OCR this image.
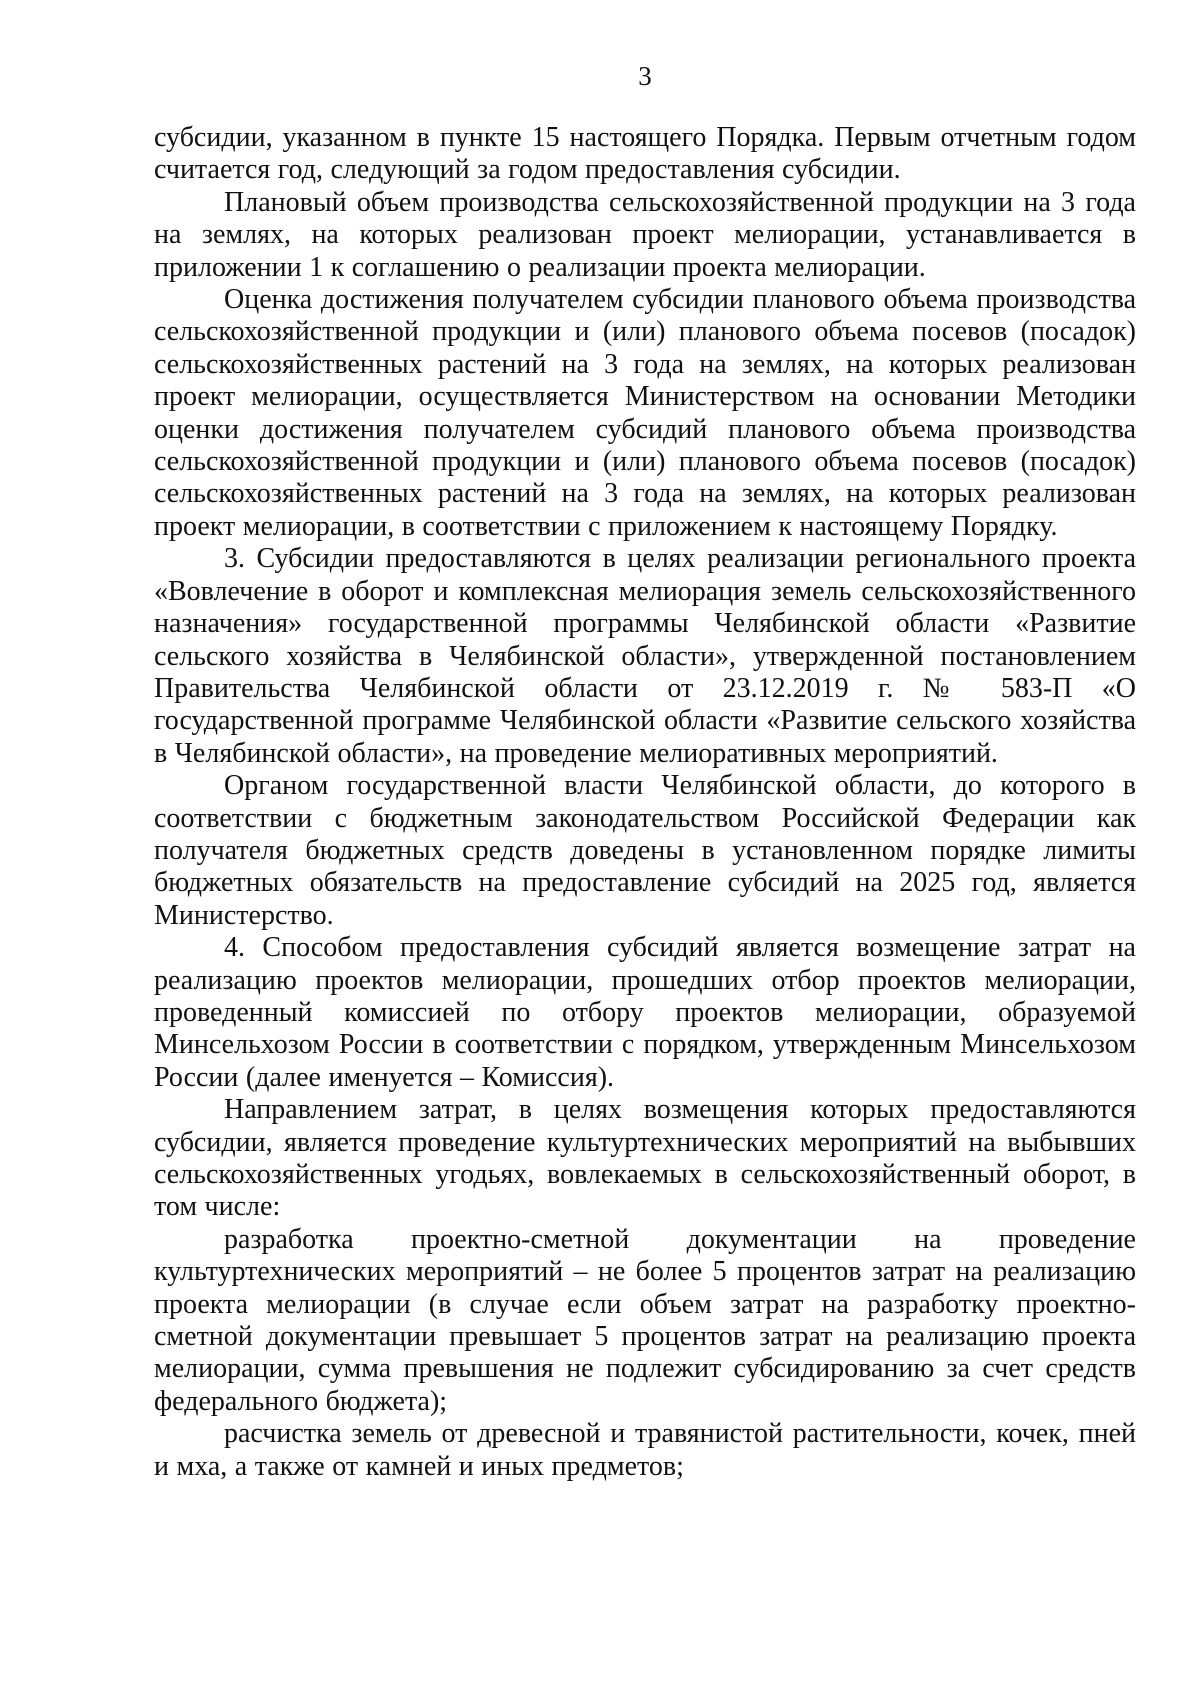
3

субсидии, указанном в пункте 15 настоящего Порядка. Первым отчетным годом считается год, следующий за годом предоставления субсидии.

Плановый объем производства сельскохозяйственной продукции на 3 года на землях, на которых реализован проект мелиорации, устанавливается в приложении 1 к соглашению о реализации проекта мелиорации.

Оценка достижения получателем субсидии планового объема производства сельскохозяйственной продукции и (или) планового объема посевов (посадок) сельскохозяйственных растений на 3 года на землях, на которых реализован проект мелиорации, осуществляется Министерством на основании Методики оценки достижения получателем субсидий планового объема производства сельскохозяйственной продукции и (или) планового объема посевов (посадок) сельскохозяйственных растений на 3 года на землях, на которых реализован проект мелиорации, в соответствии с приложением к настоящему Порядку.

3. Субсидии предоставляются в целях реализации регионального проекта «Вовлечение в оборот и комплексная мелиорация земель сельскохозяйственного назначения» государственной программы Челябинской области «Развитие сельского хозяйства в Челябинской области», утвержденной постановлением Правительства Челябинской области от 23.12.2019 г. № 583-П «О государственной программе Челябинской области «Развитие сельского хозяйства в Челябинской области», на проведение мелиоративных мероприятий.

Органом государственной власти Челябинской области, до которого в соответствии с бюджетным законодательством Российской Федерации как получателя бюджетных средств доведены в установленном порядке лимиты бюджетных обязательств на предоставление субсидий на 2025 год, является Министерство.

4. Способом предоставления субсидий является возмещение затрат на реализацию проектов мелиорации, прошедших отбор проектов мелиорации, проведенный комиссией по отбору проектов мелиорации, образуемой Минсельхозом России в соответствии с порядком, утвержденным Минсельхозом России (далее именуется – Комиссия).

Направлением затрат, в целях возмещения которых предоставляются субсидии, является проведение культуртехнических мероприятий на выбывших сельскохозяйственных угодьях, вовлекаемых в сельскохозяйственный оборот, в том числе:

разработка проектно-сметной документации на проведение культуртехнических мероприятий – не более 5 процентов затрат на реализацию проекта мелиорации (в случае если объем затрат на разработку проектно-сметной документации превышает 5 процентов затрат на реализацию проекта мелиорации, сумма превышения не подлежит субсидированию за счет средств федерального бюджета);

расчистка земель от древесной и травянистой растительности, кочек, пней и мха, а также от камней и иных предметов;
